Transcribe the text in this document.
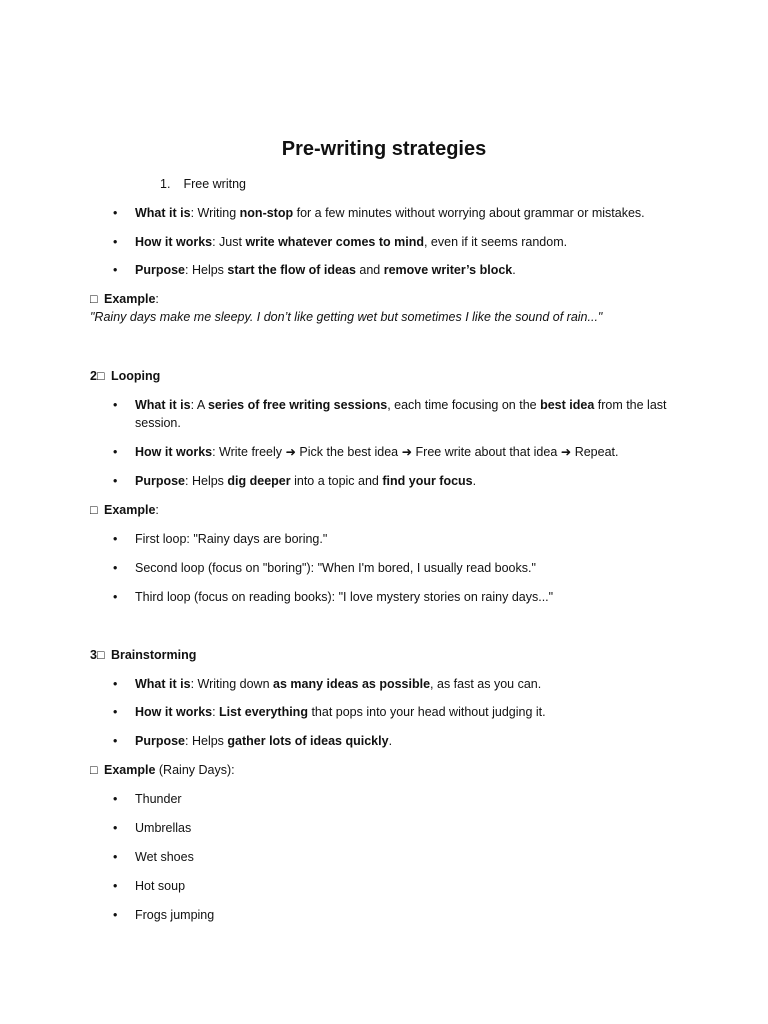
Pre-writing strategies
1. Free writng
•	What it is: Writing non-stop for a few minutes without worrying about grammar or mistakes.
•	How it works: Just write whatever comes to mind, even if it seems random.
•	Purpose: Helps start the flow of ideas and remove writer’s block.
□ Example:
"Rainy days make me sleepy. I don’t like getting wet but sometimes I like the sound of rain..."
2□ Looping
•	What it is: A series of free writing sessions, each time focusing on the best idea from the last session.
•	How it works: Write freely ➜ Pick the best idea ➜ Free write about that idea ➜ Repeat.
•	Purpose: Helps dig deeper into a topic and find your focus.
□ Example:
•	First loop: "Rainy days are boring."
•	Second loop (focus on "boring"): "When I'm bored, I usually read books."
•	Third loop (focus on reading books): "I love mystery stories on rainy days..."
3□ Brainstorming
•	What it is: Writing down as many ideas as possible, as fast as you can.
•	How it works: List everything that pops into your head without judging it.
•	Purpose: Helps gather lots of ideas quickly.
□ Example (Rainy Days):
•	Thunder
•	Umbrellas
•	Wet shoes
•	Hot soup
•	Frogs jumping
